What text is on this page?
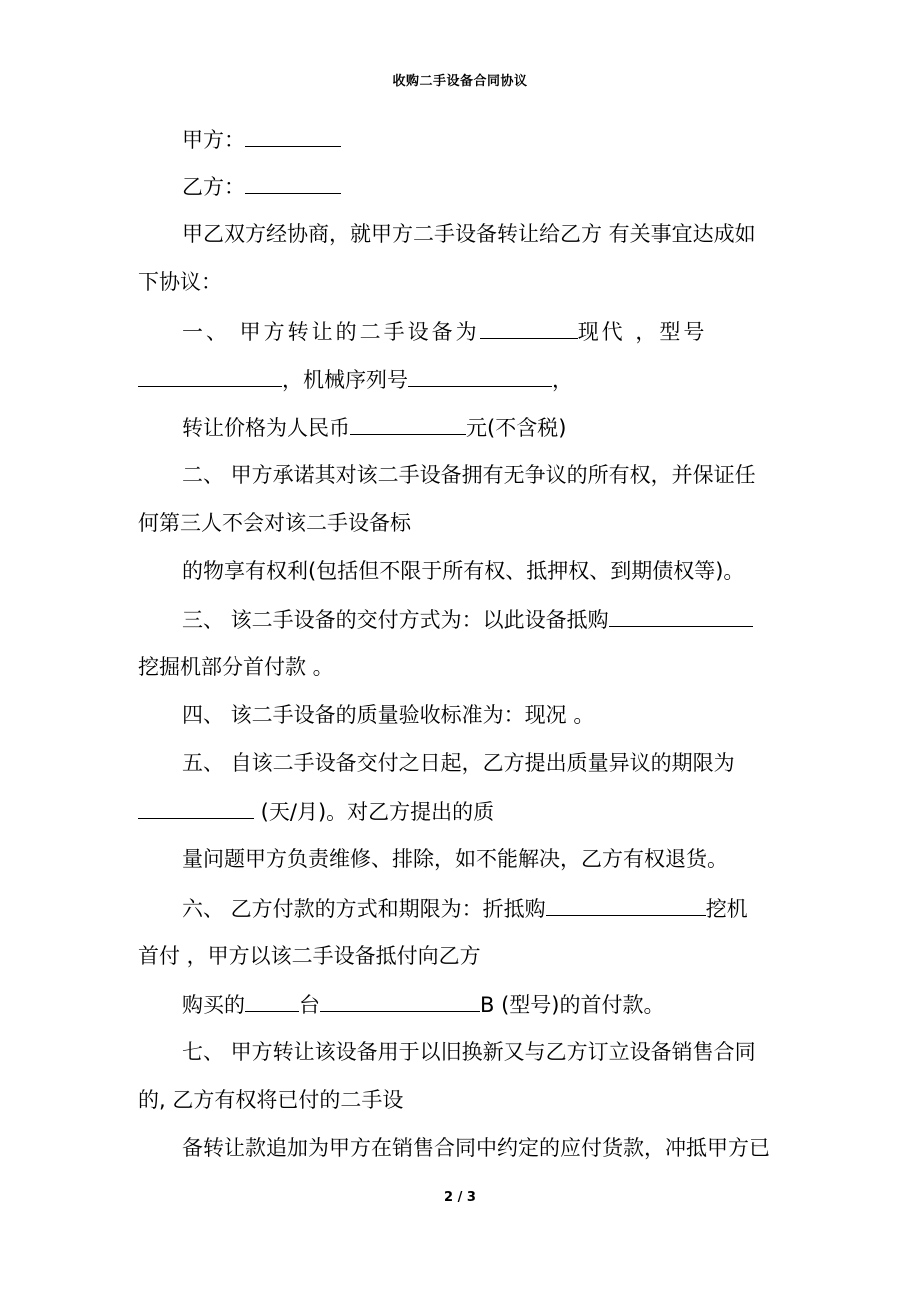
收购二手设备合同协议
甲方：
乙方：
甲乙双方经协商，就甲方二手设备转让给乙方 有关事宜达成如
下协议：
一、 甲方转让的二手设备为	现代 ，型号
，机械序列号	，
转让价格为人民币	元(不含税)
二、 甲方承诺其对该二手设备拥有无争议的所有权，并保证任
何第三人不会对该二手设备标
的物享有权利(包括但不限于所有权、抵押权、到期债权等)。
三、 该二手设备的交付方式为：以此设备抵购
挖掘机部分首付款 。
四、 该二手设备的质量验收标准为：现况 。
五、 自该二手设备交付之日起，乙方提出质量异议的期限为
(天/月)。对乙方提出的质
量问题甲方负责维修、排除，如不能解决，乙方有权退货。
六、 乙方付款的方式和期限为：折抵购	挖机
首付 ，甲方以该二手设备抵付向乙方
购买的	台	B (型号)的首付款。
七、 甲方转让该设备用于以旧换新又与乙方订立设备销售合同
的, 乙方有权将已付的二手设
备转让款追加为甲方在销售合同中约定的应付货款，冲抵甲方已
2 / 3
